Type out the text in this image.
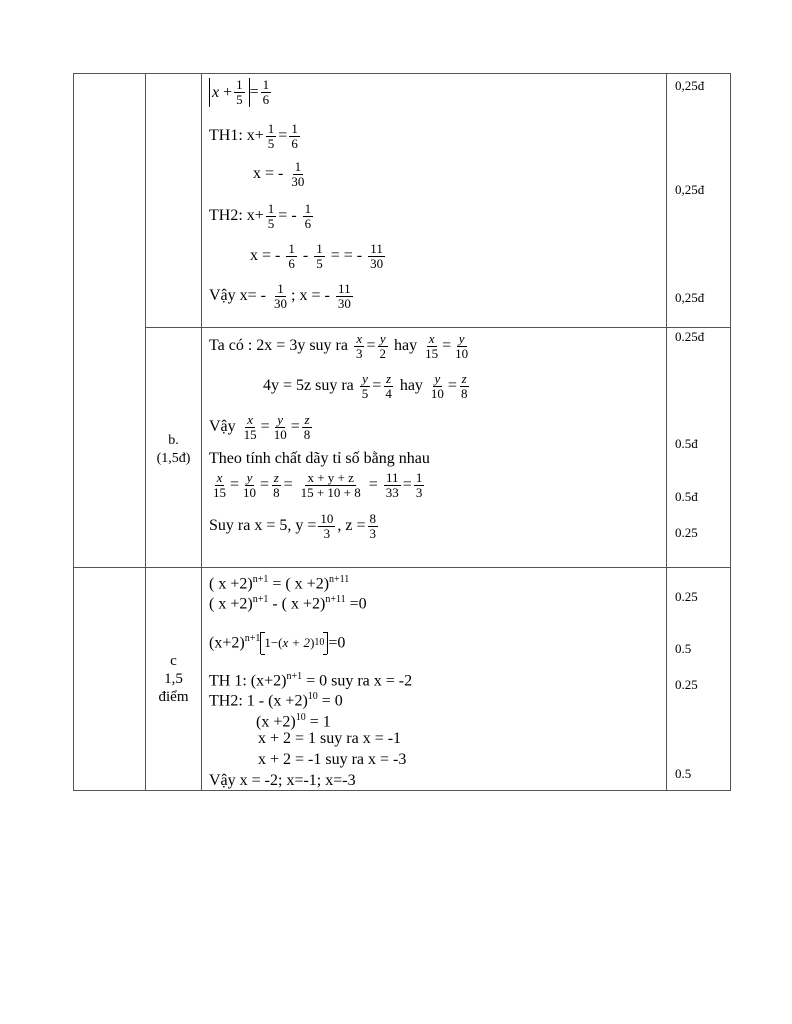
$x + \frac{1}{5} = \frac{1}{6}$
TH1: $x+ \frac{1}{5} = \frac{1}{6}$
x = - $\frac{1}{30}$
TH2: $x+ \frac{1}{5}$ = - $\frac{1}{6}$
x = - $\frac{1}{6} - \frac{1}{5}$ = = - $\frac{11}{30}$
Vậy $x= - \frac{1}{30}$ ; x = - $\frac{11}{30}$
0,25đ
0,25đ
0,25đ
b.
(1,5đ)
Ta có : 2x = 3y suy ra $\frac{x}{3} = \frac{y}{2}$ hay $\frac{x}{15} = \frac{y}{10}$
4y = 5z suy ra $\frac{y}{5} = \frac{z}{4}$ hay $\frac{y}{10} = \frac{z}{8}$
Vậy $\frac{x}{15} = \frac{y}{10} = \frac{z}{8}$
Theo tính chất dãy tỉ số bằng nhau
$\frac{x}{15} = \frac{y}{10} = \frac{z}{8} = \frac{x + y + z}{15 + 10 + 8} = \frac{11}{33} = \frac{1}{3}$
Suy ra x = 5, $y = \frac{10}{3}$ , $z = \frac{8}{3}$
0.25đ
0.5đ
0.5đ
0.25
c
1,5
điểm
( x +2)$^{n+1}$ = ( x +2)$^{n+11}$
( x +2)$^{n+1}$ - ( x +2)$^{n+11}$ =0
$(x+2)^{n+1}$ 1− ( x + 2 ) 10 =0
TH 1: $(x+2)^{n+1} = 0$ suy ra x = -2
TH2: $1 - (x +2)^{10} = 0$
$(x +2)^{10} = 1$
x + 2 = 1 suy ra x = -1
x + 2 = -1 suy ra x = -3
Vậy x = -2; x=-1; x=-3
0.25
0.5
0.25
0.5
